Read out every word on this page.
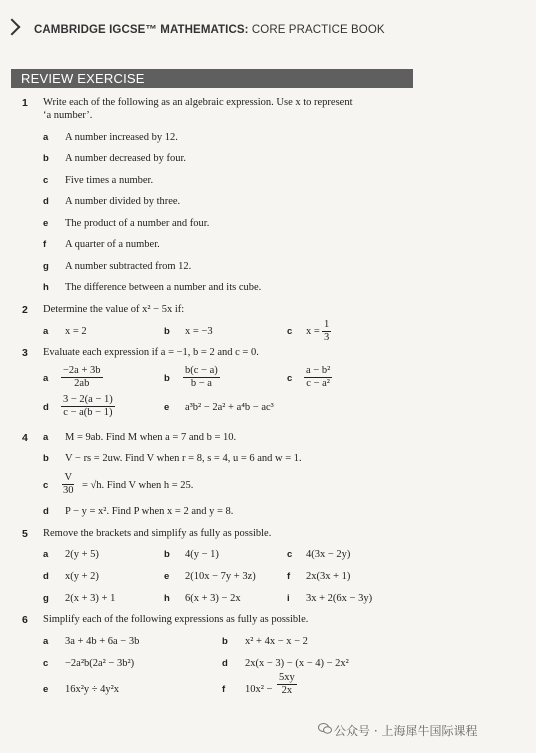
CAMBRIDGE IGCSE™ MATHEMATICS: CORE PRACTICE BOOK
REVIEW EXERCISE
1 Write each of the following as an algebraic expression. Use x to represent
‘a number’.
a A number increased by 12.
b A number decreased by four.
c Five times a number.
d A number divided by three.
e The product of a number and four.
f A quarter of a number.
g A number subtracted from 12.
h The difference between a number and its cube.
2 Determine the value of x² − 5x if:
a x = 2	b x = −3	c $x = \frac{1}{3}$
3 Evaluate each expression if a = −1, b = 2 and c = 0.
a $\frac{-2a + 3b}{2ab}$	b $\frac{b(c - a)}{b - a}$	c $\frac{\text{a − b²}}{\text{c − a²}}$
d $\frac{3 - 2(a - 1)}{c - a(b - 1)}$	e a³b² − 2a² + a⁴b − ac³
4 a M = 9ab. Find M when a = 7 and b = 10.
b V − rs = 2uw. Find V when r = 8, s = 4, u = 6 and w = 1.
c $\frac{V}{30} = √h$. Find V when h = 25.
d P − y = x². Find P when x = 2 and y = 8.
5 Remove the brackets and simplify as fully as possible.
a 2(y + 5)	b 4(y − 1)	c 4(3x − 2y)
d x(y + 2)	e 2(10x − 7y + 3z)	f 2x(3x + 1)
g 2(x + 3) + 1	h 6(x + 3) − 2x	i 3x + 2(6x − 3y)
6 Simplify each of the following expressions as fully as possible.
a 3a + 4b + 6a − 3b	b x² + 4x − x − 2
c −2a²b(2a² − 3b²)	d 2x(x − 3) − (x − 4) − 2x²
e 16x²y ÷ 4y²x	f $10x^2 - \frac{5xy}{2x}$
公众号 · 上海犀牛国际课程
